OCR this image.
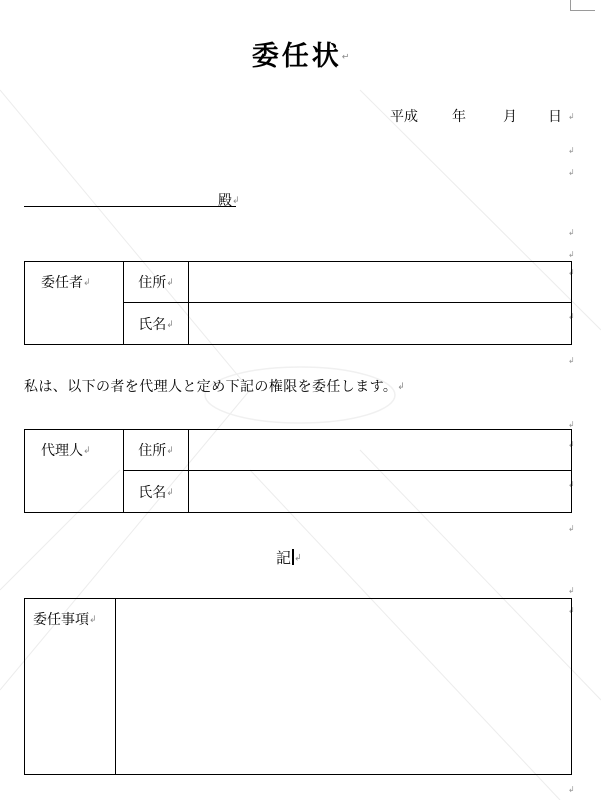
委任状↵
平成 年	月 日 ↲
↲
↲
↲
↲
↲
↲
↲
↲
↲
↲
↲
↲
↲
↲
殿↲
委任者↲	住所↲	
	氏名↲	
私は、以下の者を代理人と定め下記の権限を委任します。↲
代理人↲	住所↲	
	氏名↲	
記 ↲
委任事項↲	
